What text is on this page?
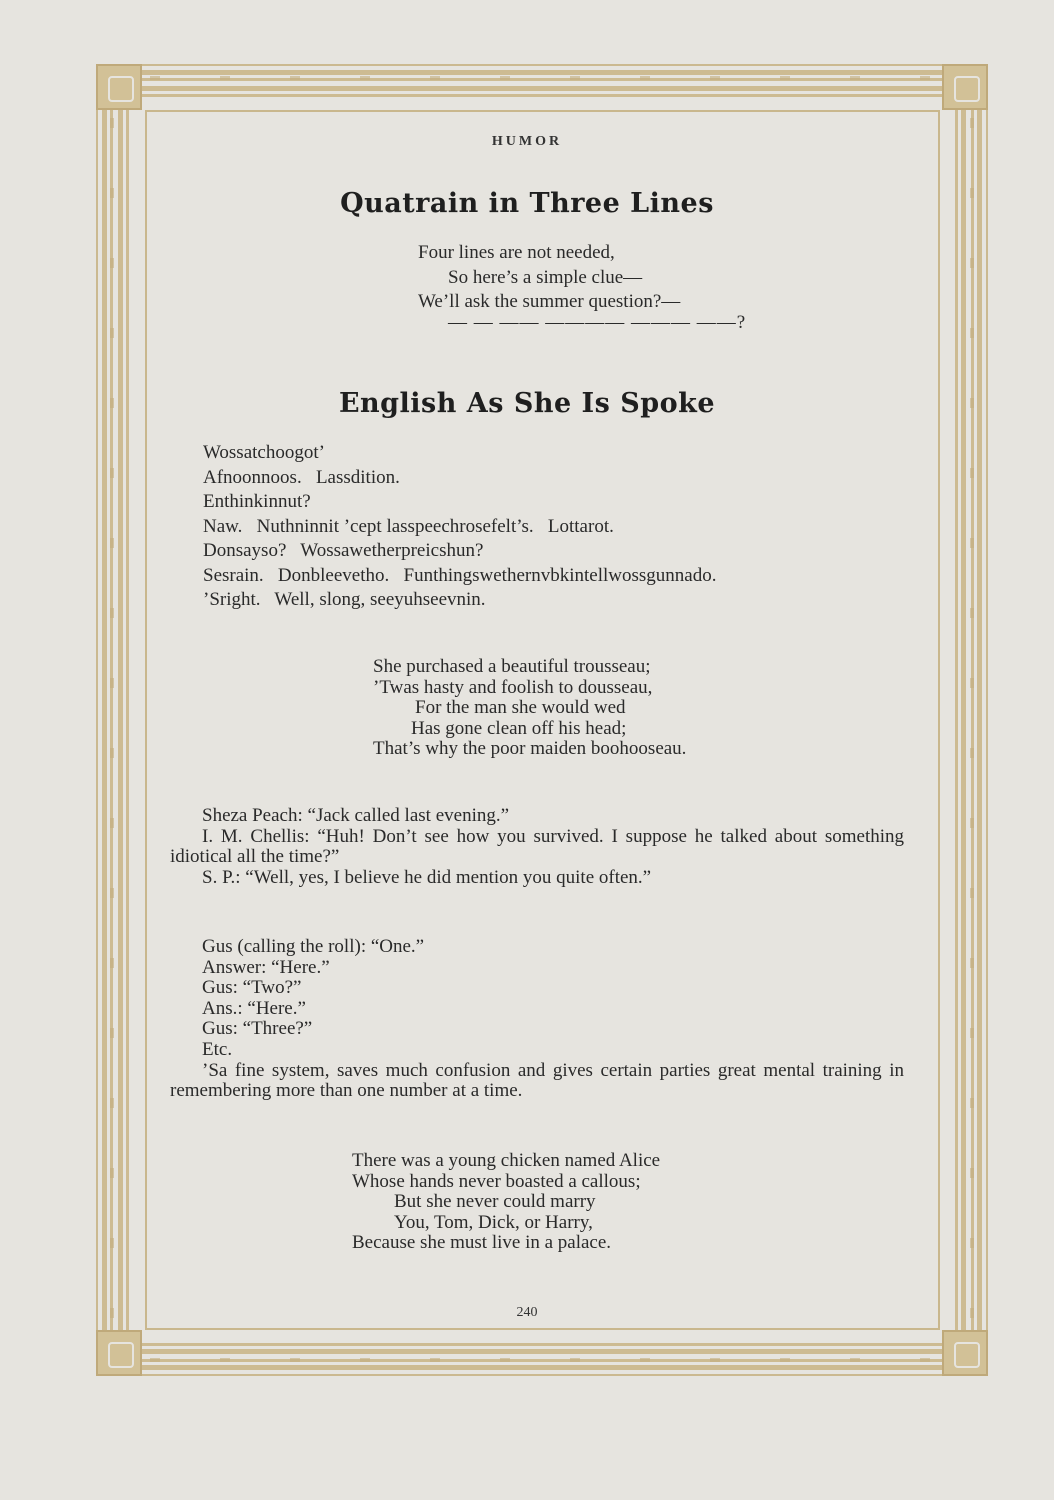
HUMOR
Quatrain in Three Lines
Four lines are not needed,
So here’s a simple clue—
We’ll ask the summer question?—
— — —— ———— ——— ——?
English As She Is Spoke
Wossatchoogot’
Afnoonnoos.   Lassdition.
Enthinkinnut?
Naw.   Nuthninnit ’cept lasspeechrosefelt’s.   Lottarot.
Donsayso?   Wossawetherpreicshun?
Sesrain.   Donbleevetho.   Funthingswethernvbkintellwossgunnado.
’Sright.   Well, slong, seeyuhseevnin.
She purchased a beautiful trousseau;
’Twas hasty and foolish to dousseau,
For the man she would wed
Has gone clean off his head;
That’s why the poor maiden boohooseau.

Sheza Peach: “Jack called last evening.”

I. M. Chellis: “Huh! Don’t see how you survived. I suppose he talked about something idiotical all the time?”

S. P.: “Well, yes, I believe he did mention you quite often.”

Gus (calling the roll): “One.”

Answer: “Here.”

Gus: “Two?”

Ans.: “Here.”

Gus: “Three?”

Etc.

’Sa fine system, saves much confusion and gives certain parties great mental training in remembering more than one number at a time.

There was a young chicken named Alice
Whose hands never boasted a callous;
But she never could marry
You, Tom, Dick, or Harry,
Because she must live in a palace.
240
